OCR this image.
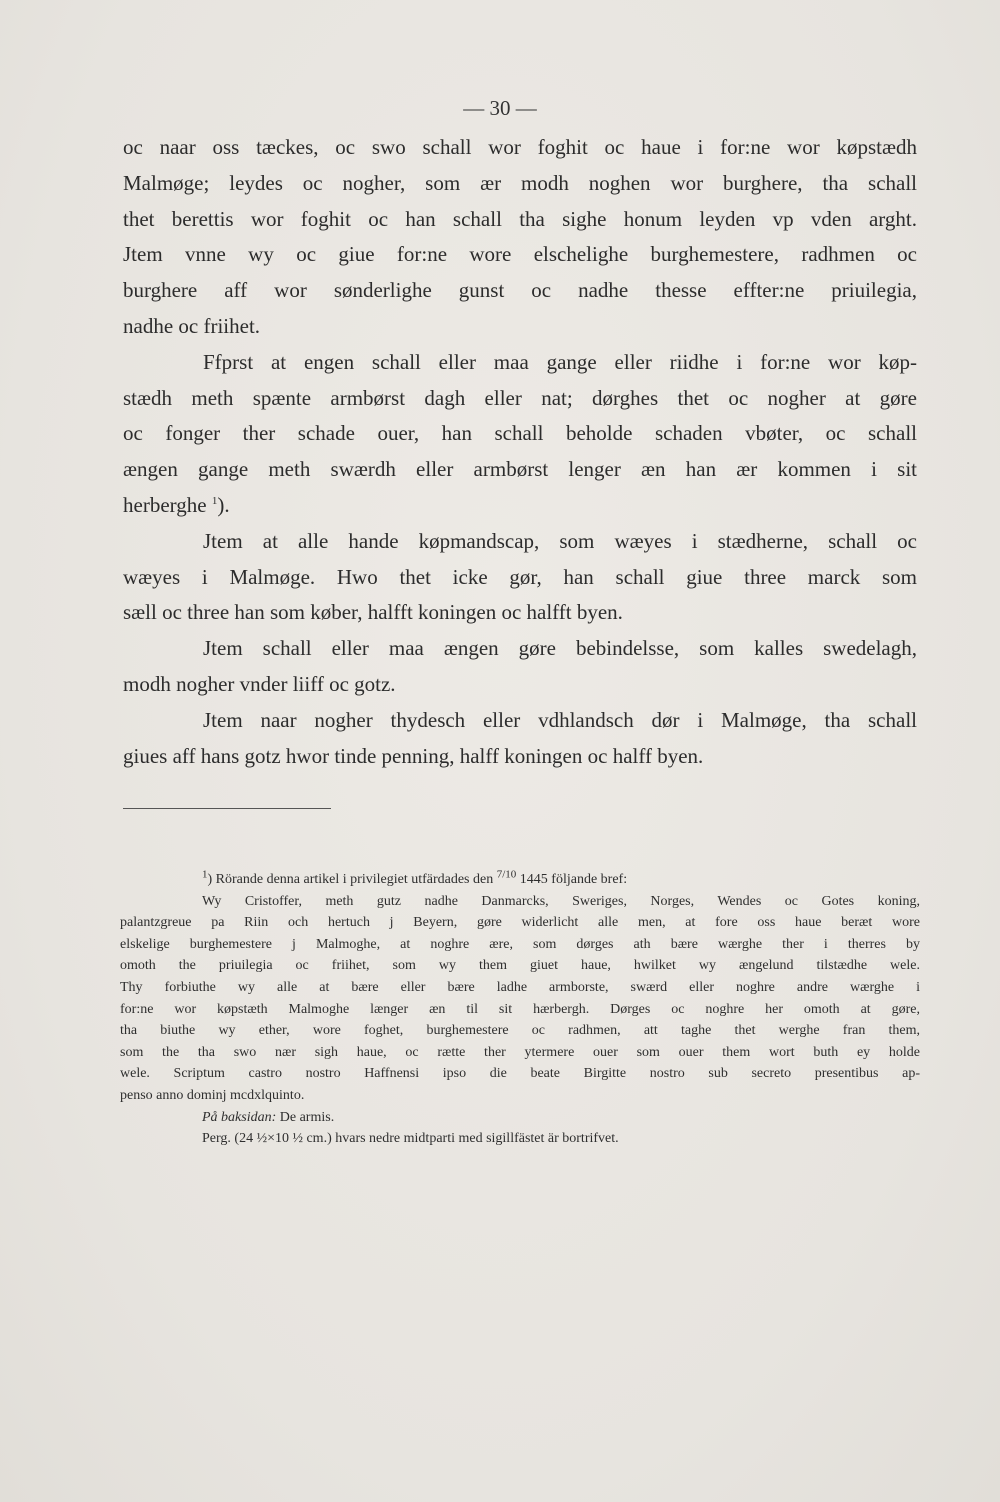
— 30 —
oc naar oss tæckes, oc swo schall wor foghit oc haue i for:ne wor køpstædh
Malmøge; leydes oc nogher, som ær modh noghen wor burghere, tha schall
thet berettis wor foghit oc han schall tha sighe honum leyden vp vden arght.
Jtem vnne wy oc giue for:ne wore elschelighe burghemestere, radhmen oc
burghere aff wor sønderlighe gunst oc nadhe thesse effter:ne priuilegia,
nadhe oc friihet.
Ffprst at engen schall eller maa gange eller riidhe i for:ne wor køp-
stædh meth spænte armbørst dagh eller nat; dørghes thet oc nogher at gøre
oc fonger ther schade ouer, han schall beholde schaden vbøter, oc schall
ængen gange meth swærdh eller armbørst lenger æn han ær kommen i sit
herberghe $^1$).
Jtem at alle hande køpmandscap, som wæyes i stædherne, schall oc
wæyes i Malmøge. Hwo thet icke gør, han schall giue three marck som
sæll oc three han som køber, halfft koningen oc halfft byen.
Jtem schall eller maa ængen gøre bebindelsse, som kalles swedelagh,
modh nogher vnder liiff oc gotz.
Jtem naar nogher thydesch eller vdhlandsch dør i Malmøge, tha schall
giues aff hans gotz hwor tinde penning, halff koningen oc halff byen.
$^1$) Rörande denna artikel i privilegiet utfärdades den $^{7/10}$ 1445 följande bref:
Wy Cristoffer, meth gutz nadhe Danmarcks, Sweriges, Norges, Wendes oc Gotes koning,
palantzgreue pa Riin och hertuch j Beyern, gøre widerlicht alle men, at fore oss haue beræt wore
elskelige burghemestere j Malmoghe, at noghre ære, som dørges ath bære wærghe ther i therres by
omoth the priuilegia oc friihet, som wy them giuet haue, hwilket wy ængelund tilstædhe wele.
Thy forbiuthe wy alle at bære eller bære ladhe armborste, swærd eller noghre andre wærghe i
for:ne wor køpstæth Malmoghe længer æn til sit hærbergh. Dørges oc noghre her omoth at gøre,
tha biuthe wy ether, wore foghet, burghemestere oc radhmen, att taghe thet werghe fran them,
som the tha swo nær sigh haue, oc rætte ther ytermere ouer som ouer them wort buth ey holde
wele. Scriptum castro nostro Haffnensi ipso die beate Birgitte nostro sub secreto presentibus ap-
penso anno dominj mcdxlquinto.
På baksidan: De armis.
Perg. (24 ½×10 ½ cm.) hvars nedre midtparti med sigillfästet är bortrifvet.
